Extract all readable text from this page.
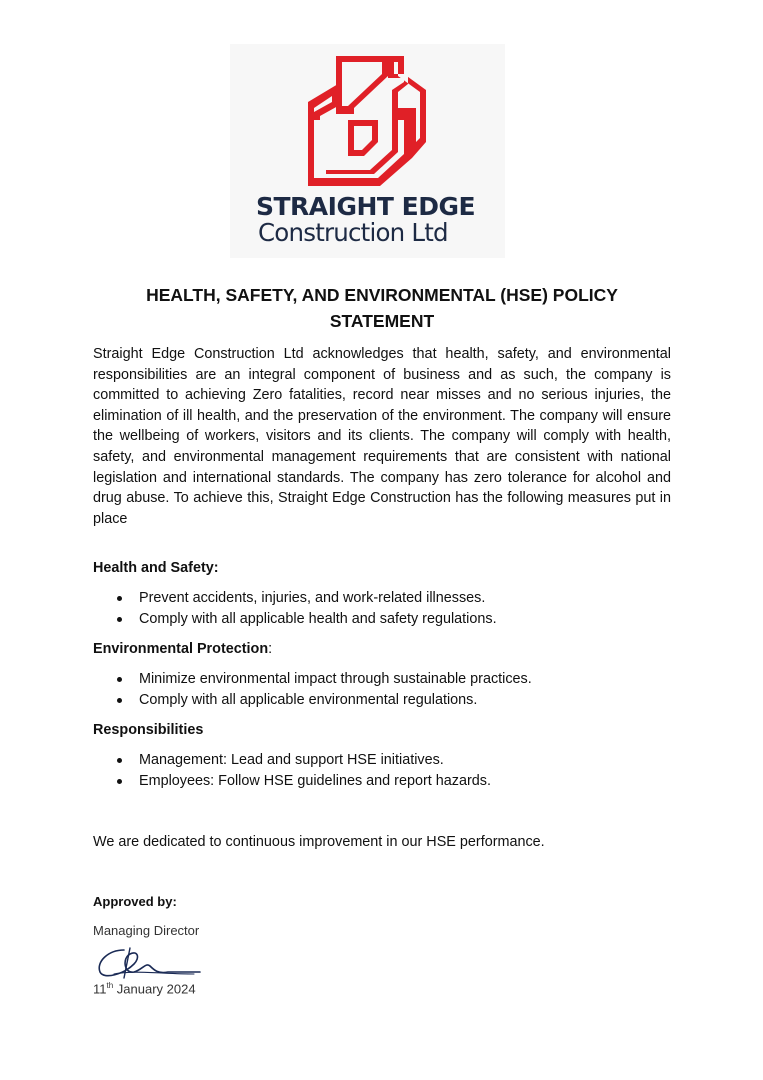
STRAIGHT EDGE
Construction Ltd
HEALTH, SAFETY, AND ENVIRONMENTAL (HSE) POLICY STATEMENT
Straight Edge Construction Ltd acknowledges that health, safety, and environmental responsibilities are an integral component of business and as such, the company is committed to achieving Zero fatalities, record near misses and no serious injuries, the elimination of ill health, and the preservation of the environment. The company will ensure the wellbeing of workers, visitors and its clients. The company will comply with health, safety, and environmental management requirements that are consistent with national legislation and international standards. The company has zero tolerance for alcohol and drug abuse. To achieve this, Straight Edge Construction has the following measures put in place
Health and Safety:
Prevent accidents, injuries, and work-related illnesses.
Comply with all applicable health and safety regulations.
Environmental Protection:
Minimize environmental impact through sustainable practices.
Comply with all applicable environmental regulations.
Responsibilities
Management: Lead and support HSE initiatives.
Employees: Follow HSE guidelines and report hazards.
We are dedicated to continuous improvement in our HSE performance.
Approved by:
Managing Director
11th January 2024
